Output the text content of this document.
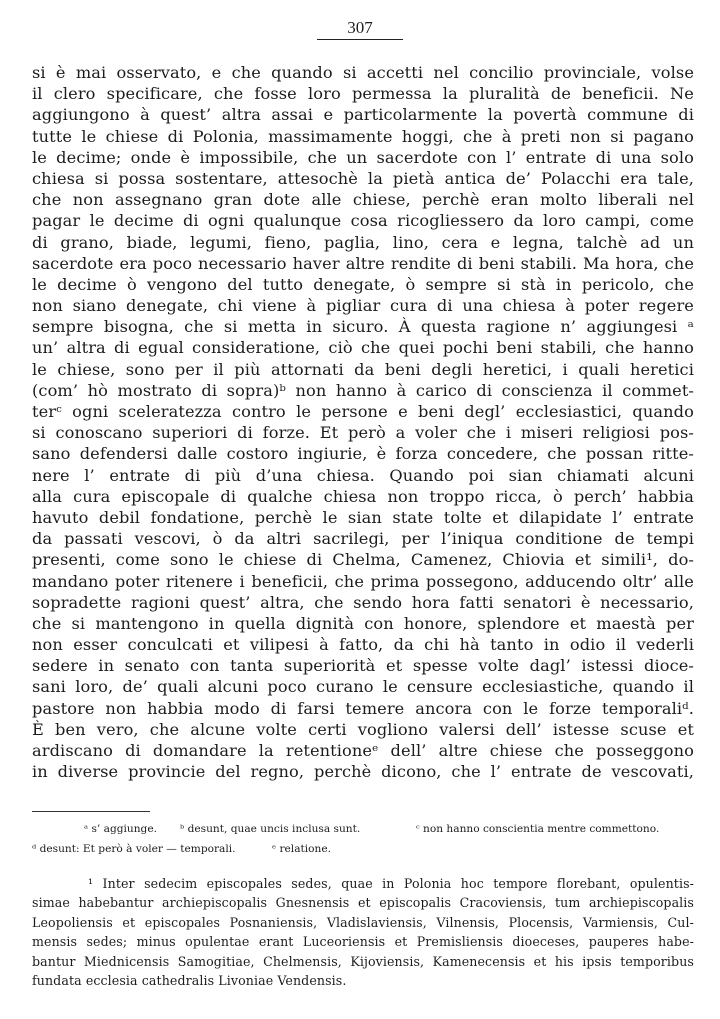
307
si è mai osservato, e che quando si accetti nel concilio provinciale, volse
il clero specificare, che fosse loro permessa la pluralità de beneficii. Ne
aggiungono à quest’ altra assai e particolarmente la povertà commune di
tutte le chiese di Polonia, massimamente hoggi, che à preti non si pagano
le decime; onde è impossibile, che un sacerdote con l’ entrate di una solo
chiesa si possa sostentare, attesochè la pietà antica de’ Polacchi era tale,
che non assegnano gran dote alle chiese, perchè eran molto liberali nel
pagar le decime di ogni qualunque cosa ricogliessero da loro campi, come
di grano, biade, legumi, fieno, paglia, lino, cera e legna, talchè ad un
sacerdote era poco necessario haver altre rendite di beni stabili. Ma hora, che
le decime ò vengono del tutto denegate, ò sempre si stà in pericolo, che
non siano denegate, chi viene à pigliar cura di una chiesa à poter regere
sempre bisogna, che si metta in sicuro. À questa ragione n’ aggiungesi ᵃ
un’ altra di egual consideratione, ciò che quei pochi beni stabili, che hanno
le chiese, sono per il più attornati da beni degli heretici, i quali heretici
(com’ hò mostrato di sopra)ᵇ non hanno à carico di conscienza il commet-
terᶜ ogni sceleratezza contro le persone e beni degl’ ecclesiastici, quando
si conoscano superiori di forze. Et però a voler che i miseri religiosi pos-
sano defendersi dalle costoro ingiurie, è forza concedere, che possan ritte-
nere l’ entrate di più d’una chiesa. Quando poi sian chiamati alcuni
alla cura episcopale di qualche chiesa non troppo ricca, ò perch’ habbia
havuto debil fondatione, perchè le sian state tolte et dilapidate l’ entrate
da passati vescovi, ò da altri sacrilegi, per l’iniqua conditione de tempi
presenti, come sono le chiese di Chelma, Camenez, Chiovia et simili¹, do-
mandano poter ritenere i beneficii, che prima possegono, adducendo oltr’ alle
sopradette ragioni quest’ altra, che sendo hora fatti senatori è necessario,
che si mantengono in quella dignità con honore, splendore et maestà per
non esser conculcati et vilipesi à fatto, da chi hà tanto in odio il vederli
sedere in senato con tanta superiorità et spesse volte dagl’ istessi dioce-
sani loro, de’ quali alcuni poco curano le censure ecclesiastiche, quando il
pastore non habbia modo di farsi temere ancora con le forze temporaliᵈ.
È ben vero, che alcune volte certi vogliono valersi dell’ istesse scuse et
ardiscano di domandare la retentioneᵉ dell’ altre chiese che posseggono
in diverse provincie del regno, perchè dicono, che l’ entrate de vescovati,
ᵃ s’ aggiunge.	ᵇ desunt, quae uncis inclusa sunt.	ᶜ non hanno conscientia mentre commettono.
ᵈ desunt: Et però à voler — temporali.	ᵉ relatione.
¹ Inter sedecim episcopales sedes, quae in Polonia hoc tempore florebant, opulentis-
simae habebantur archiepiscopalis Gnesnensis et episcopalis Cracoviensis, tum archiepiscopalis
Leopoliensis et episcopales Posnaniensis, Vladislaviensis, Vilnensis, Plocensis, Varmiensis, Cul-
mensis sedes; minus opulentae erant Luceoriensis et Premisliensis dioeceses, pauperes habe-
bantur Miednicensis Samogitiae, Chelmensis, Kijoviensis, Kamenecensis et his ipsis temporibus
fundata ecclesia cathedralis Livoniae Vendensis.
